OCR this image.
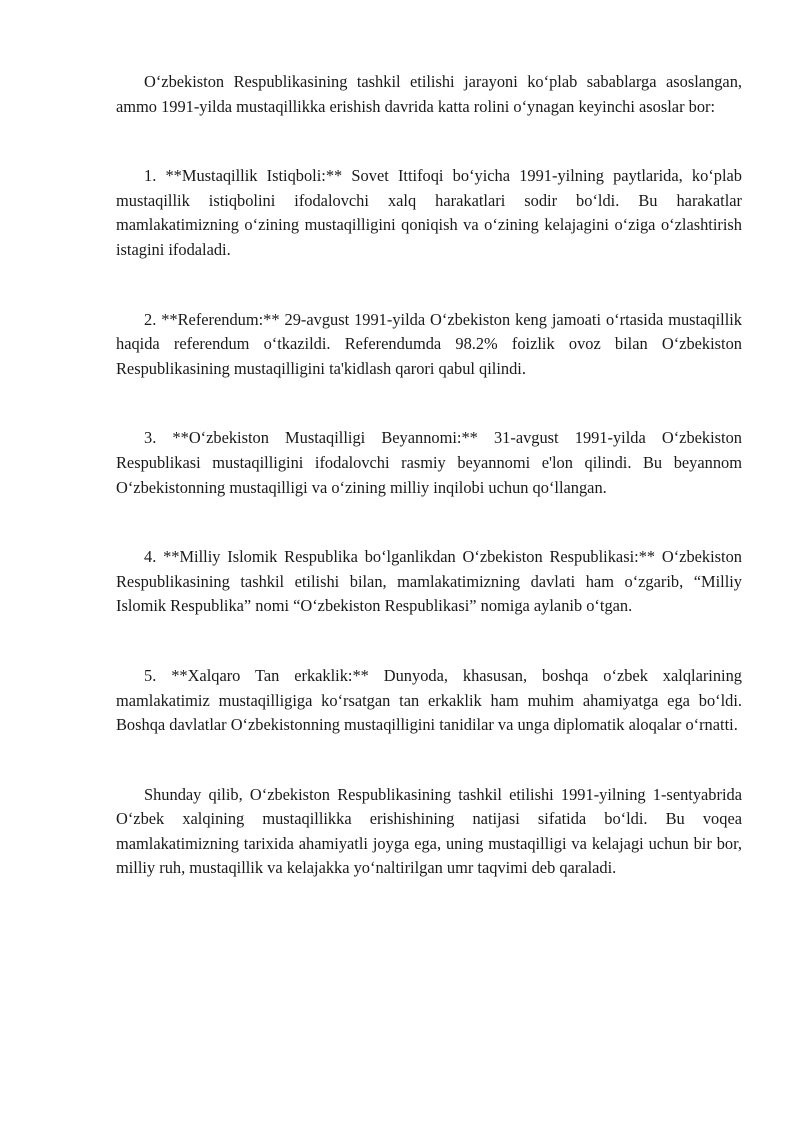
O‘zbekiston Respublikasining tashkil etilishi jarayoni ko‘plab sabablarga asoslangan, ammo 1991-yilda mustaqillikka erishish davrida katta rolini o‘ynagan keyinchi asoslar bor:

1. **Mustaqillik Istiqboli:** Sovet Ittifoqi bo‘yicha 1991-yilning paytlarida, ko‘plab mustaqillik istiqbolini ifodalovchi xalq harakatlari sodir bo‘ldi. Bu harakatlar mamlakatimizning o‘zining mustaqilligini qoniqish va o‘zining kelajagini o‘ziga o‘zlashtirish istagini ifodaladi.

2. **Referendum:** 29-avgust 1991-yilda O‘zbekiston keng jamoati o‘rtasida mustaqillik haqida referendum o‘tkazildi. Referendumda 98.2% foizlik ovoz bilan O‘zbekiston Respublikasining mustaqilligini ta'kidlash qarori qabul qilindi.

3. **O‘zbekiston Mustaqilligi Beyannomi:** 31-avgust 1991-yilda O‘zbekiston Respublikasi mustaqilligini ifodalovchi rasmiy beyannomi e'lon qilindi. Bu beyannom O‘zbekistonning mustaqilligi va o‘zining milliy inqilobi uchun qo‘llangan.

4. **Milliy Islomik Respublika bo‘lganlikdan O‘zbekiston Respublikasi:** O‘zbekiston Respublikasining tashkil etilishi bilan, mamlakatimizning davlati ham o‘zgarib, “Milliy Islomik Respublika” nomi “O‘zbekiston Respublikasi” nomiga aylanib o‘tgan.

5. **Xalqaro Tan erkaklik:** Dunyoda, khasusan, boshqa o‘zbek xalqlarining mamlakatimiz mustaqilligiga ko‘rsatgan tan erkaklik ham muhim ahamiyatga ega bo‘ldi. Boshqa davlatlar O‘zbekistonning mustaqilligini tanidilar va unga diplomatik aloqalar o‘rnatti.

Shunday qilib, O‘zbekiston Respublikasining tashkil etilishi 1991-yilning 1-sentyabrida O‘zbek xalqining mustaqillikka erishishining natijasi sifatida bo‘ldi. Bu voqea mamlakatimizning tarixida ahamiyatli joyga ega, uning mustaqilligi va kelajagi uchun bir bor, milliy ruh, mustaqillik va kelajakka yo‘naltirilgan umr taqvimi deb qaraladi.
